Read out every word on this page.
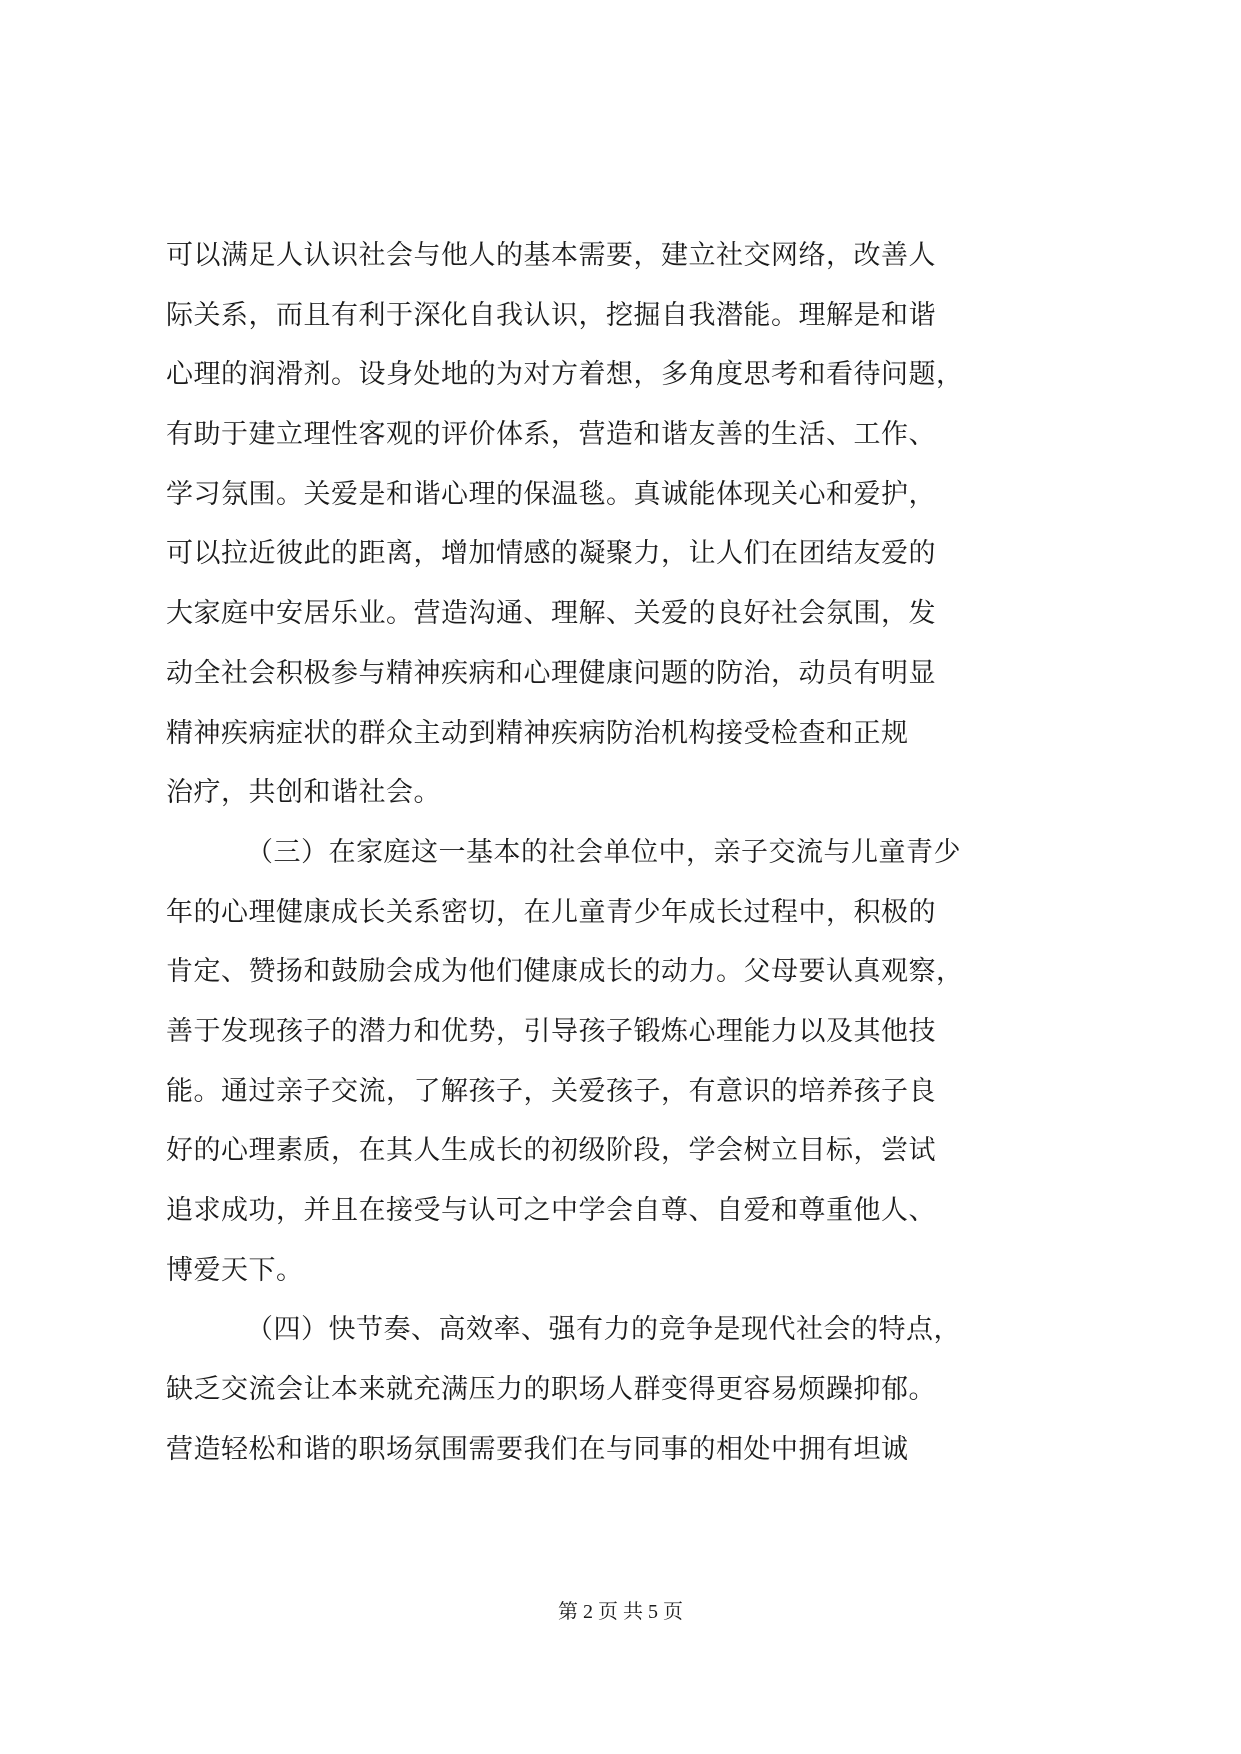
可以满足人认识社会与他人的基本需要，建立社交网络，改善人
际关系，而且有利于深化自我认识，挖掘自我潜能。理解是和谐
心理的润滑剂。设身处地的为对方着想，多角度思考和看待问题，
有助于建立理性客观的评价体系，营造和谐友善的生活、工作、
学习氛围。关爱是和谐心理的保温毯。真诚能体现关心和爱护，
可以拉近彼此的距离，增加情感的凝聚力，让人们在团结友爱的
大家庭中安居乐业。营造沟通、理解、关爱的良好社会氛围，发
动全社会积极参与精神疾病和心理健康问题的防治，动员有明显
精神疾病症状的群众主动到精神疾病防治机构接受检查和正规
治疗，共创和谐社会。
（三）在家庭这一基本的社会单位中，亲子交流与儿童青少
年的心理健康成长关系密切，在儿童青少年成长过程中，积极的
肯定、赞扬和鼓励会成为他们健康成长的动力。父母要认真观察，
善于发现孩子的潜力和优势，引导孩子锻炼心理能力以及其他技
能。通过亲子交流，了解孩子，关爱孩子，有意识的培养孩子良
好的心理素质，在其人生成长的初级阶段，学会树立目标，尝试
追求成功，并且在接受与认可之中学会自尊、自爱和尊重他人、
博爱天下。
（四）快节奏、高效率、强有力的竞争是现代社会的特点，
缺乏交流会让本来就充满压力的职场人群变得更容易烦躁抑郁。
营造轻松和谐的职场氛围需要我们在与同事的相处中拥有坦诚
第 2 页 共 5 页
